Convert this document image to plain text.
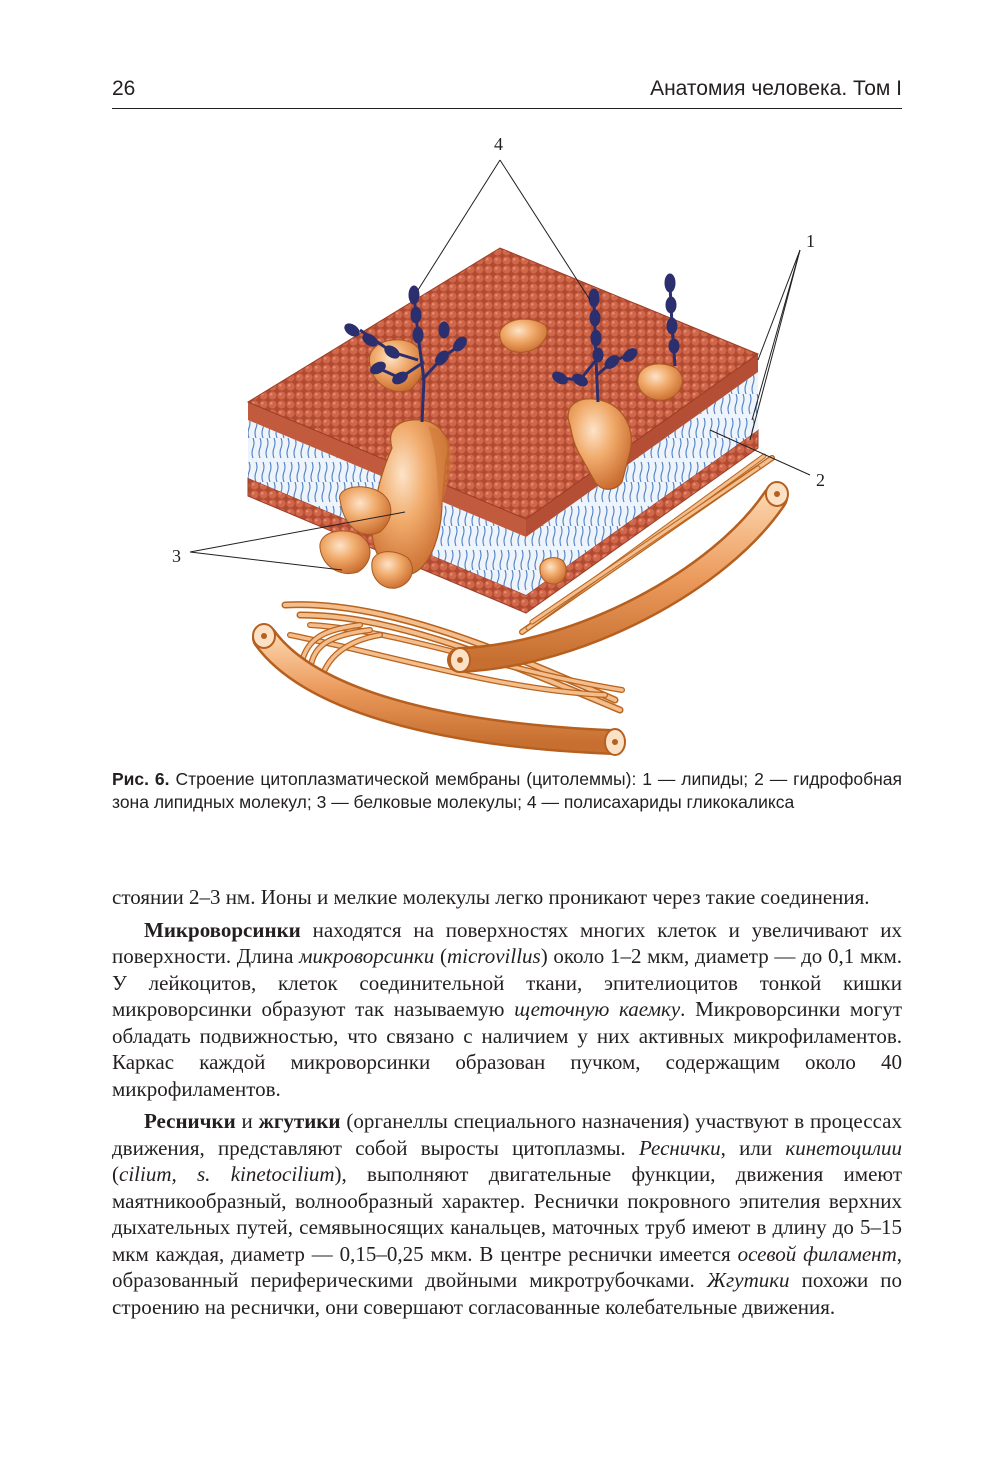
26	Анатомия человека. Том I
4
1
2
3
Рис. 6. Строение цитоплазматической мембраны (цитолеммы): 1 — липиды; 2 — гидрофобная зона липидных молекул; 3 — белковые молекулы; 4 — полисахариды гликокаликса

стоянии 2–3 нм. Ионы и мелкие молекулы легко проникают через такие соединения.

Микроворсинки находятся на поверхностях многих клеток и увеличивают их поверхности. Длина микроворсинки (microvillus) около 1–2 мкм, диаметр — до 0,1 мкм. У лейкоцитов, клеток соединительной ткани, эпителиоцитов тонкой кишки микроворсинки образуют так называемую щеточную каемку. Микроворсинки могут обладать подвижностью, что связано с наличием у них активных микрофиламентов. Каркас каждой микроворсинки образован пучком, содержащим около 40 микрофиламентов.

Реснички и жгутики (органеллы специального назначения) участвуют в процессах движения, представляют собой выросты цитоплазмы. Реснички, или кинетоцилии (cilium, s. kinetocilium), выполняют двигательные функции, движения имеют маятникообразный, волнообразный характер. Реснички покровного эпителия верхних дыхательных путей, семявыносящих канальцев, маточных труб имеют в длину до 5–15 мкм каждая, диаметр — 0,15–0,25 мкм. В центре реснички имеется осевой филамент, образованный периферическими двойными микротрубочками. Жгутики похожи по строению на реснички, они совершают согласованные колебательные движения.
